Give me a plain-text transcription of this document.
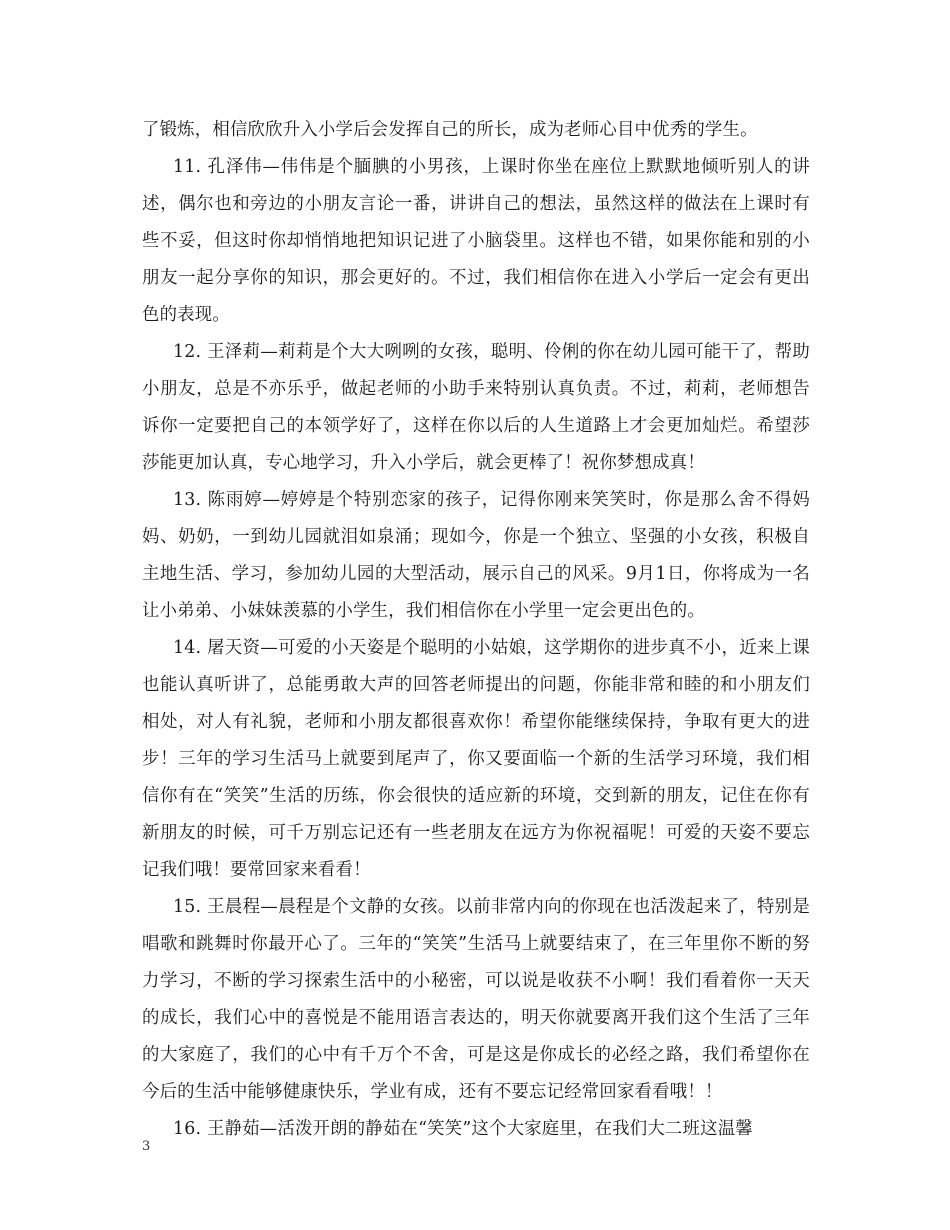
了锻炼，相信欣欣升入小学后会发挥自己的所长，成为老师心目中优秀的学生。

11. 孔泽伟—伟伟是个腼腆的小男孩，上课时你坐在座位上默默地倾听别人的讲述，偶尔也和旁边的小朋友言论一番，讲讲自己的想法，虽然这样的做法在上课时有些不妥，但这时你却悄悄地把知识记进了小脑袋里。这样也不错，如果你能和别的小朋友一起分享你的知识，那会更好的。不过，我们相信你在进入小学后一定会有更出色的表现。

12. 王泽莉—莉莉是个大大咧咧的女孩，聪明、伶俐的你在幼儿园可能干了，帮助小朋友，总是不亦乐乎，做起老师的小助手来特别认真负责。不过，莉莉，老师想告诉你一定要把自己的本领学好了，这样在你以后的人生道路上才会更加灿烂。希望莎莎能更加认真，专心地学习，升入小学后，就会更棒了！祝你梦想成真！

13. 陈雨婷—婷婷是个特别恋家的孩子，记得你刚来笑笑时，你是那么舍不得妈妈、奶奶，一到幼儿园就泪如泉涌；现如今，你是一个独立、坚强的小女孩，积极自主地生活、学习，参加幼儿园的大型活动，展示自己的风采。9月1日，你将成为一名让小弟弟、小妹妹羡慕的小学生，我们相信你在小学里一定会更出色的。

14. 屠天资—可爱的小天姿是个聪明的小姑娘，这学期你的进步真不小，近来上课也能认真听讲了，总能勇敢大声的回答老师提出的问题，你能非常和睦的和小朋友们相处，对人有礼貌，老师和小朋友都很喜欢你！希望你能继续保持，争取有更大的进步！三年的学习生活马上就要到尾声了，你又要面临一个新的生活学习环境，我们相信你有在“笑笑”生活的历练，你会很快的适应新的环境，交到新的朋友，记住在你有新朋友的时候，可千万别忘记还有一些老朋友在远方为你祝福呢！可爱的天姿不要忘记我们哦！要常回家来看看！

15. 王晨程—晨程是个文静的女孩。以前非常内向的你现在也活泼起来了，特别是唱歌和跳舞时你最开心了。三年的“笑笑”生活马上就要结束了，在三年里你不断的努力学习，不断的学习探索生活中的小秘密，可以说是收获不小啊！我们看着你一天天的成长，我们心中的喜悦是不能用语言表达的，明天你就要离开我们这个生活了三年的大家庭了，我们的心中有千万个不舍，可是这是你成长的必经之路，我们希望你在今后的生活中能够健康快乐，学业有成，还有不要忘记经常回家看看哦！！

16. 王静茹—活泼开朗的静茹在“笑笑”这个大家庭里，在我们大二班这温馨

3
